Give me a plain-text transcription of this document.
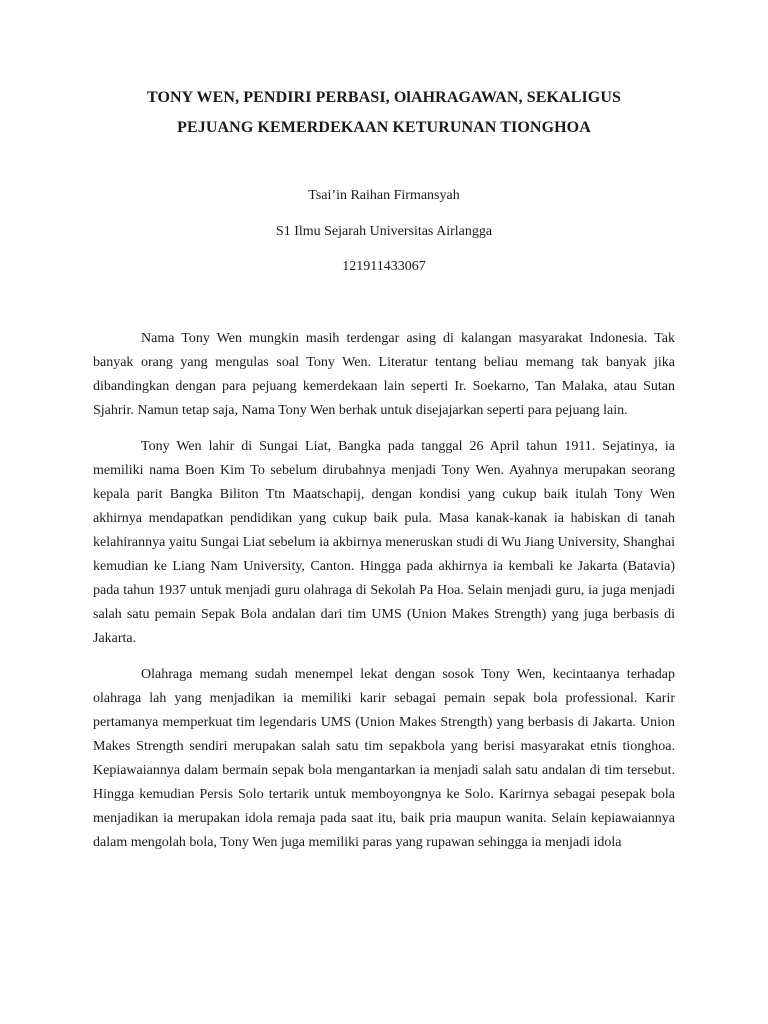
TONY WEN, PENDIRI PERBASI, OlAHRAGAWAN, SEKALIGUS
PEJUANG KEMERDEKAAN KETURUNAN TIONGHOA

Tsai’in Raihan Firmansyah

S1 Ilmu Sejarah Universitas Airlangga

121911433067

Nama Tony Wen mungkin masih terdengar asing di kalangan masyarakat Indonesia. Tak banyak orang yang mengulas soal Tony Wen. Literatur tentang beliau memang tak banyak jika dibandingkan dengan para pejuang kemerdekaan lain seperti Ir. Soekarno, Tan Malaka, atau Sutan Sjahrir. Namun tetap saja, Nama Tony Wen berhak untuk disejajarkan seperti para pejuang lain.

Tony Wen lahir di Sungai Liat, Bangka pada tanggal 26 April tahun 1911. Sejatinya, ia memiliki nama Boen Kim To sebelum dirubahnya menjadi Tony Wen. Ayahnya merupakan seorang kepala parit Bangka Biliton Ttn Maatschapij, dengan kondisi yang cukup baik itulah Tony Wen akhirnya mendapatkan pendidikan yang cukup baik pula. Masa kanak-kanak ia habiskan di tanah kelahirannya yaitu Sungai Liat sebelum ia akbirnya meneruskan studi di Wu Jiang University, Shanghai kemudian ke Liang Nam University, Canton. Hingga pada akhirnya ia kembali ke Jakarta (Batavia) pada tahun 1937 untuk menjadi guru olahraga di Sekolah Pa Hoa. Selain menjadi guru, ia juga menjadi salah satu pemain Sepak Bola andalan dari tim UMS (Union Makes Strength) yang juga berbasis di Jakarta.

Olahraga memang sudah menempel lekat dengan sosok Tony Wen, kecintaanya terhadap olahraga lah yang menjadikan ia memiliki karir sebagai pemain sepak bola professional. Karir pertamanya memperkuat tim legendaris UMS (Union Makes Strength) yang berbasis di Jakarta. Union Makes Strength sendiri merupakan salah satu tim sepakbola yang berisi masyarakat etnis tionghoa. Kepiawaiannya dalam bermain sepak bola mengantarkan ia menjadi salah satu andalan di tim tersebut. Hingga kemudian Persis Solo tertarik untuk memboyongnya ke Solo. Karirnya sebagai pesepak bola menjadikan ia merupakan idola remaja pada saat itu, baik pria maupun wanita. Selain kepiawaiannya dalam mengolah bola, Tony Wen juga memiliki paras yang rupawan sehingga ia menjadi idola
